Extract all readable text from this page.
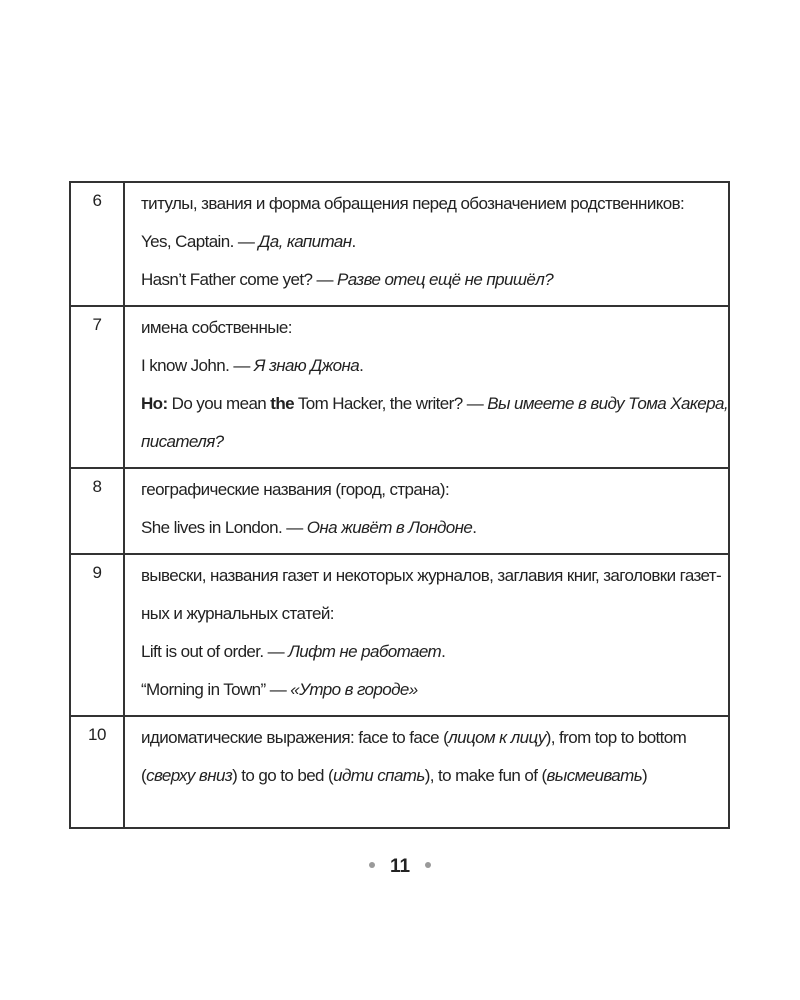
6	титулы, звания и форма обращения перед обозначением родственников:
Yes, Captain. — Да, капитан.
Hasn’t Father come yet? — Разве отец ещё не пришёл?

7	имена собственные:
I know John. — Я знаю Джона.
Но: Do you mean the Tom Hacker, the writer? — Вы имеете в виду Тома Хакера,
писателя?

8	географические названия (город, страна):
She lives in London. — Она живёт в Лондоне.

9	вывески, названия газет и некоторых журналов, заглавия книг, заголовки газет-
ных и журнальных статей:
Lift is out of order. — Лифт не работает.
“Morning in Town” — «Утро в городе»

10	идиоматические выражения: face to face (лицом к лицу), from top to bottom
(сверху вниз) to go to bed (идти спать), to make fun of (высмеивать)
11
